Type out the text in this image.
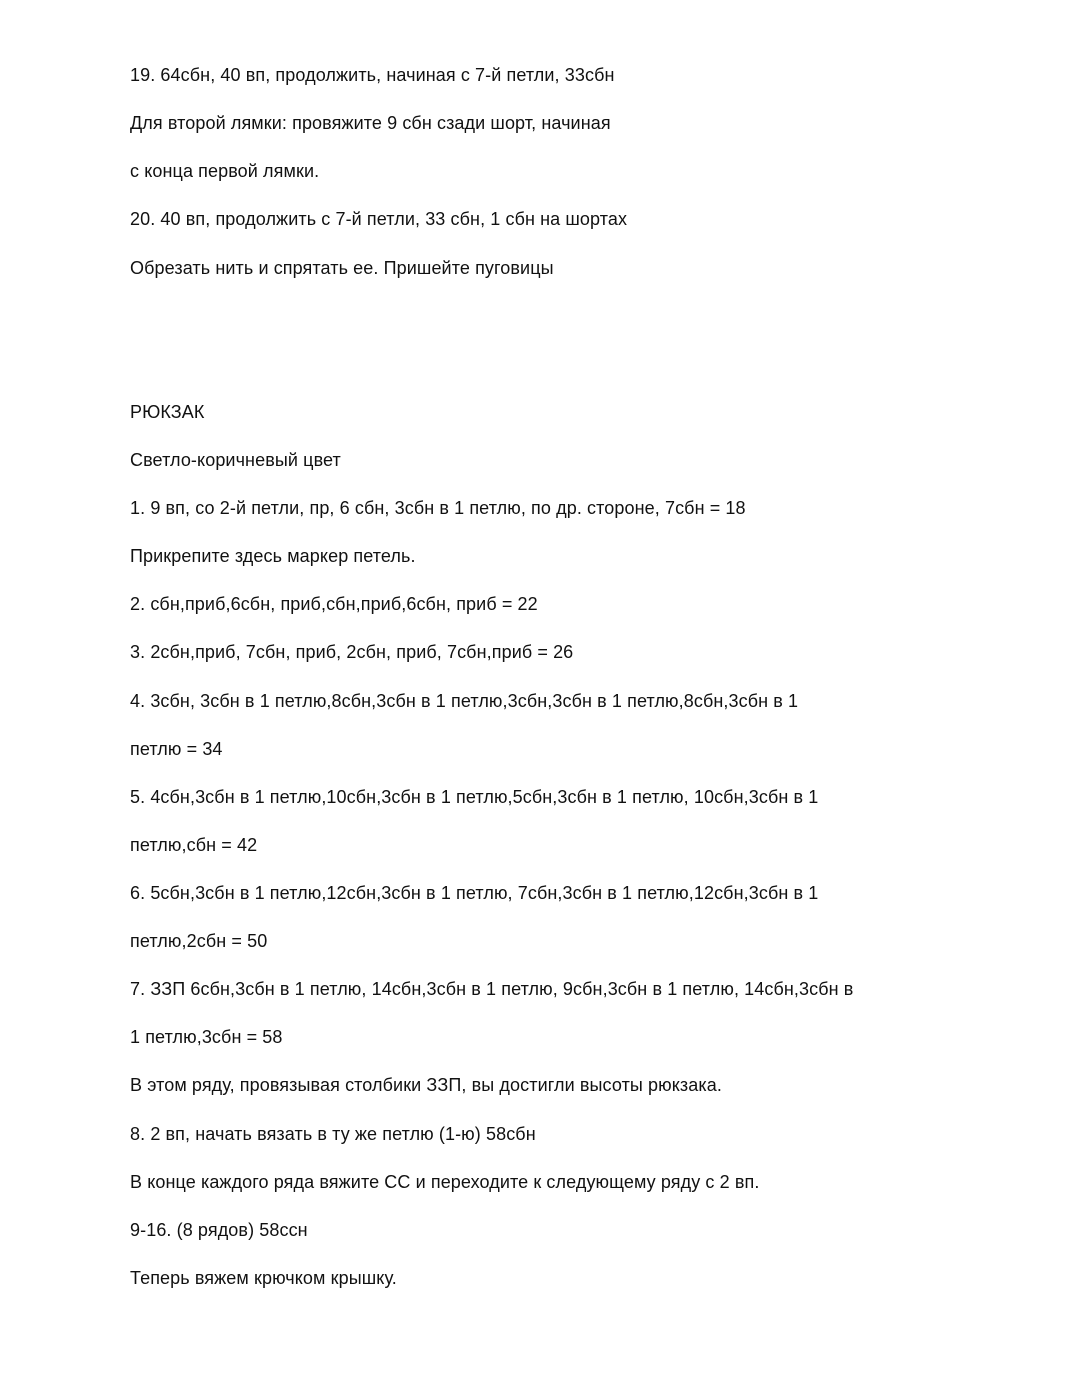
19. 64сбн, 40 вп, продолжить, начиная с 7-й петли, 33сбн
Для второй лямки: провяжите 9 сбн сзади шорт, начиная
с конца первой лямки.
20. 40 вп, продолжить с 7-й петли, 33 сбн, 1 сбн на шортах
Обрезать нить и спрятать ее. Пришейте пуговицы
РЮКЗАК
Светло-коричневый цвет
1. 9 вп, со 2-й петли, пр, 6 сбн, 3сбн в 1 петлю, по др. стороне, 7сбн = 18
Прикрепите здесь маркер петель.
2. сбн,приб,6сбн, приб,сбн,приб,6сбн, приб = 22
3. 2сбн,приб, 7сбн, приб, 2сбн, приб, 7сбн,приб = 26
4. 3сбн, 3сбн в 1 петлю,8сбн,3сбн в 1 петлю,3сбн,3сбн в 1 петлю,8сбн,3сбн в 1
петлю = 34
5. 4сбн,3сбн в 1 петлю,10сбн,3сбн в 1 петлю,5сбн,3сбн в 1 петлю, 10сбн,3сбн в 1
петлю,сбн = 42
6. 5сбн,3сбн в 1 петлю,12сбн,3сбн в 1 петлю, 7сбн,3сбн в 1 петлю,12сбн,3сбн в 1
петлю,2сбн = 50
7. ЗЗП 6сбн,3сбн в 1 петлю, 14сбн,3сбн в 1 петлю, 9сбн,3сбн в 1 петлю, 14сбн,3сбн в
1 петлю,3сбн = 58
В этом ряду, провязывая столбики ЗЗП, вы достигли высоты рюкзака.
8. 2 вп, начать вязать в ту же петлю (1-ю) 58сбн
В конце каждого ряда вяжите СС и переходите к следующему ряду с 2 вп.
9-16. (8 рядов) 58ссн
Теперь вяжем крючком крышку.
